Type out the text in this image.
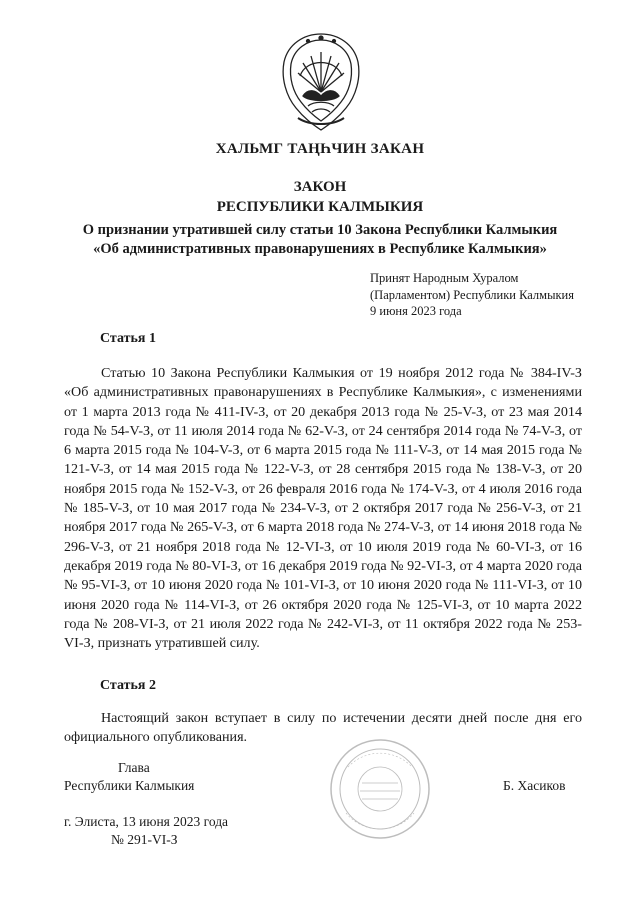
ХАЛЬМГ ТАҢҺЧИН ЗАКАН
ЗАКОН
РЕСПУБЛИКИ КАЛМЫКИЯ
О признании утратившей силу статьи 10 Закона Республики Калмыкия
«Об административных правонарушениях в Республике Калмыкия»
Принят Народным Хуралом
(Парламентом) Республики Калмыкия
9 июня 2023 года
Статья 1
Статью 10 Закона Республики Калмыкия от 19 ноября 2012 года № 384-IV-З «Об административных правонарушениях в Республике Калмыкия», с изменениями от 1 марта 2013 года № 411-IV-З, от 20 декабря 2013 года № 25-V-З, от 23 мая 2014 года № 54-V-З, от 11 июля 2014 года № 62-V-З, от 24 сентября 2014 года № 74-V-З, от 6 марта 2015 года № 104-V-З, от 6 марта 2015 года № 111-V-З, от 14 мая 2015 года № 121-V-З, от 14 мая 2015 года № 122-V-З, от 28 сентября 2015 года № 138-V-З, от 20 ноября 2015 года № 152-V-З, от 26 февраля 2016 года № 174-V-З, от 4 июля 2016 года № 185-V-З, от 10 мая 2017 года № 234-V-З, от 2 октября 2017 года № 256-V-З, от 21 ноября 2017 года № 265-V-З, от 6 марта 2018 года № 274-V-З, от 14 июня 2018 года № 296-V-З, от 21 ноября 2018 года № 12-VI-З, от 10 июля 2019 года № 60-VI-З, от 16 декабря 2019 года № 80-VI-З, от 16 декабря 2019 года № 92-VI-З, от 4 марта 2020 года № 95-VI-З, от 10 июня 2020 года № 101-VI-З, от 10 июня 2020 года № 111-VI-З, от 10 июня 2020 года № 114-VI-З, от 26 октября 2020 года № 125-VI-З, от 10 марта 2022 года № 208-VI-З, от 21 июля 2022 года № 242-VI-З, от 11 октября 2022 года № 253-VI-З, признать утратившей силу.
Статья 2
Настоящий закон вступает в силу по истечении десяти дней после дня его официального опубликования.
Глава
Республики Калмыкия	Б. Хасиков
г. Элиста, 13 июня 2023 года
№ 291-VI-З
